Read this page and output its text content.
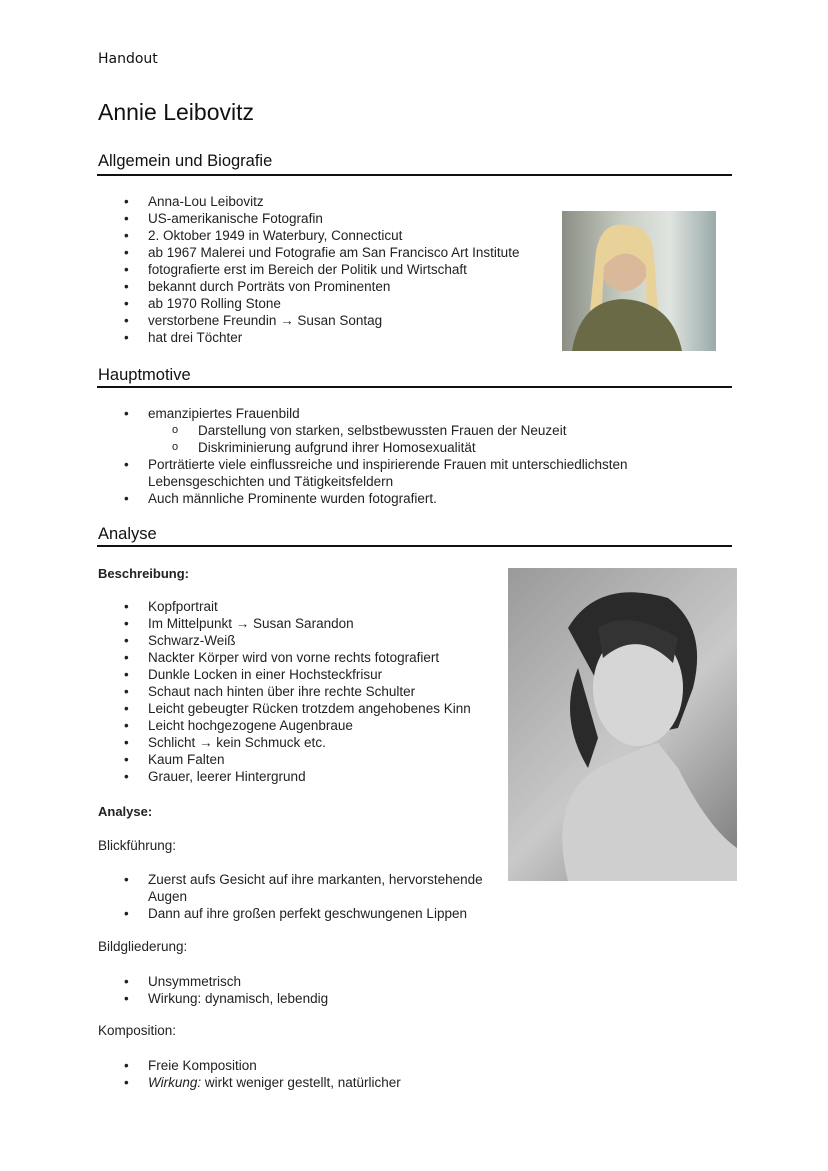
Handout
Annie Leibovitz
Allgemein und Biografie
• Anna-Lou Leibovitz
• US-amerikanische Fotografin
• 2. Oktober 1949 in Waterbury, Connecticut
• ab 1967 Malerei und Fotografie am San Francisco Art Institute
• fotografierte erst im Bereich der Politik und Wirtschaft
• bekannt durch Porträts von Prominenten
• ab 1970 Rolling Stone
• verstorbene Freundin → Susan Sontag
• hat drei Töchter
Hauptmotive
• emanzipiertes Frauenbild
o Darstellung von starken, selbstbewussten Frauen der Neuzeit
o Diskriminierung aufgrund ihrer Homosexualität
• Porträtierte viele einflussreiche und inspirierende Frauen mit unterschiedlichsten Lebensgeschichten und Tätigkeitsfeldern
• Auch männliche Prominente wurden fotografiert.
Analyse
Beschreibung:
• Kopfportrait
• Im Mittelpunkt → Susan Sarandon
• Schwarz-Weiß
• Nackter Körper wird von vorne rechts fotografiert
• Dunkle Locken in einer Hochsteckfrisur
• Schaut nach hinten über ihre rechte Schulter
• Leicht gebeugter Rücken trotzdem angehobenes Kinn
• Leicht hochgezogene Augenbraue
• Schlicht → kein Schmuck etc.
• Kaum Falten
• Grauer, leerer Hintergrund
Analyse:
Blickführung:
• Zuerst aufs Gesicht auf ihre markanten, hervorstehende Augen
• Dann auf ihre großen perfekt geschwungenen Lippen
Bildgliederung:
• Unsymmetrisch
• Wirkung: dynamisch, lebendig
Komposition:
• Freie Komposition
• Wirkung: wirkt weniger gestellt, natürlicher
